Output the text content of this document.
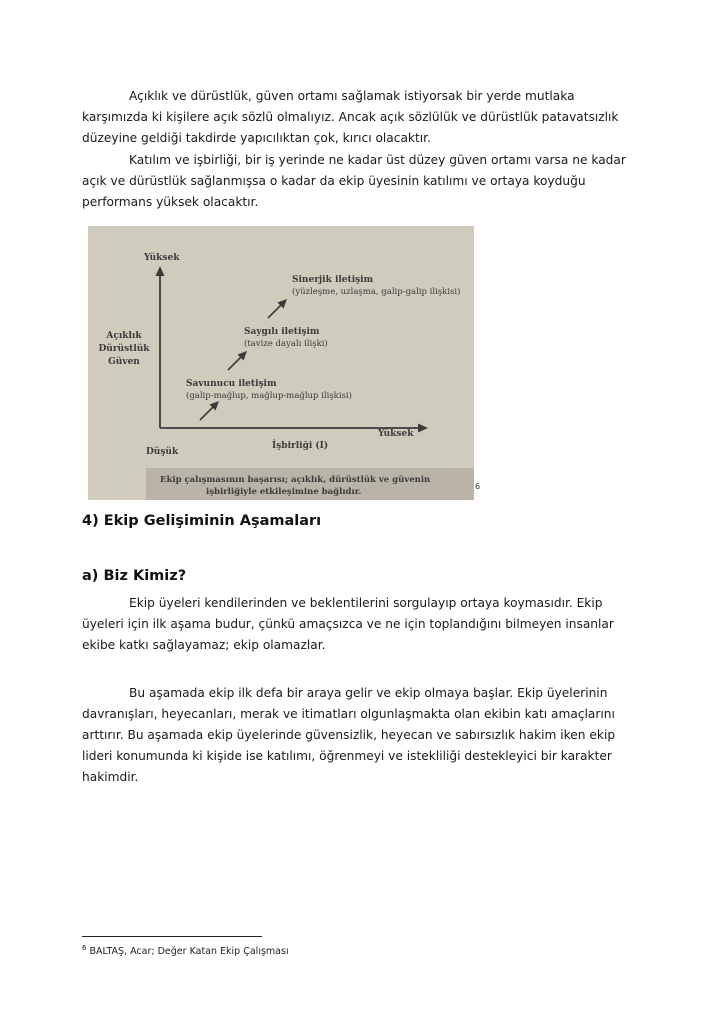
Açıklık ve dürüstlük, güven ortamı sağlamak istiyorsak bir yerde mutlaka karşımızda ki kişilere açık sözlü olmalıyız. Ancak açık sözlülük ve dürüstlük patavatsızlık düzeyine geldiği takdirde yapıcılıktan çok, kırıcı olacaktır.

Katılım ve işbirliği, bir iş yerinde ne kadar üst düzey güven ortamı varsa ne kadar açık ve dürüstlük sağlanmışsa o kadar da ekip üyesinin katılımı ve ortaya koyduğu performans yüksek olacaktır.

Yüksek
Açıklık
Dürüstlük
Güven
Düşük
İşbirliği (I)
Yüksek
Savunucu iletişim
(galip-mağlup, mağlup-mağlup ilişkisi)
Saygılı iletişim
(tavize dayalı ilişki)
Sinerjik iletişim
(yüzleşme, uzlaşma, galip-galip ilişkisi)
Ekip çalışmasının başarısı; açıklık, dürüstlük ve güvenin
işbirliğiyle etkileşimine bağlıdır.
6
4) Ekip Gelişiminin Aşamaları
a) Biz Kimiz?

Ekip üyeleri kendilerinden ve beklentilerini sorgulayıp ortaya koymasıdır. Ekip üyeleri için ilk aşama budur, çünkü amaçsızca ve ne için toplandığını bilmeyen insanlar ekibe katkı sağlayamaz; ekip olamazlar.

Bu aşamada ekip ilk defa bir araya gelir ve ekip olmaya başlar. Ekip üyelerinin davranışları, heyecanları, merak ve itimatları olgunlaşmakta olan ekibin katı amaçlarını arttırır. Bu aşamada ekip üyelerinde güvensizlik, heyecan ve sabırsızlık hakim iken ekip lideri konumunda ki kişide ise katılımı, öğrenmeyi ve istekliliği destekleyici bir karakter hakimdir.

$^6$ BALTAŞ, Acar; Değer Katan Ekip Çalışması
